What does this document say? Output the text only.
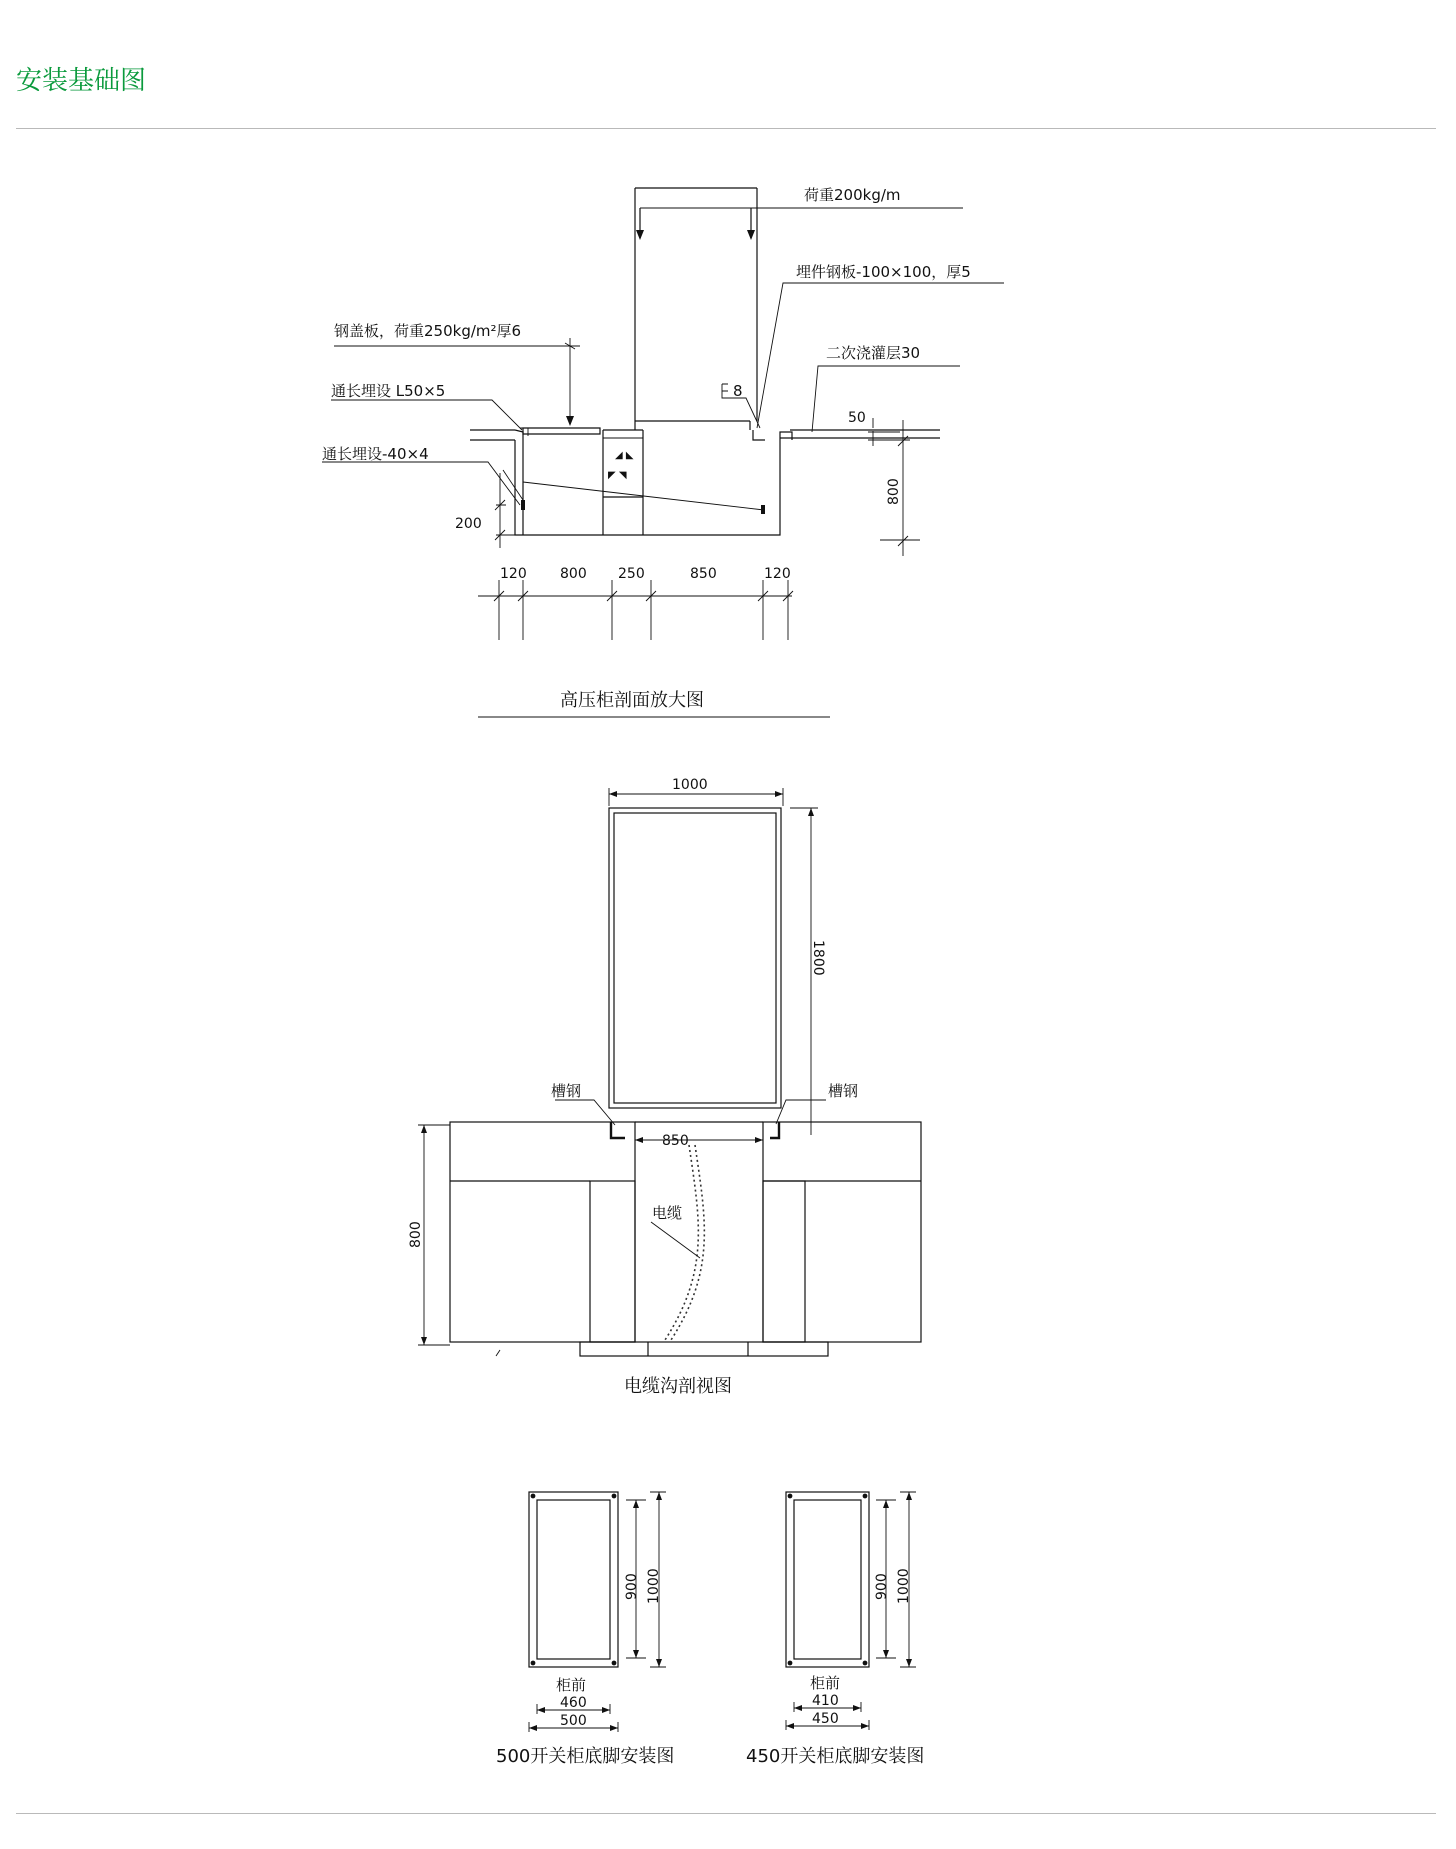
安装基础图
荷重200kg/m
埋件钢板-100×100，厚5
钢盖板，荷重250kg/m²厚6
二次浇灌层30
通长埋设 L50×5	8
通长埋设-40×4	◢ ◣
◤ ◥
50
800
200
120 800 250	850	120
高压柜剖面放大图
1000
1800
850
800
电缆
槽钢	槽钢
电缆沟剖视图
900 1000
柜前
460
500
500开关柜底脚安装图
900 1000
柜前
410
450
450开关柜底脚安装图
